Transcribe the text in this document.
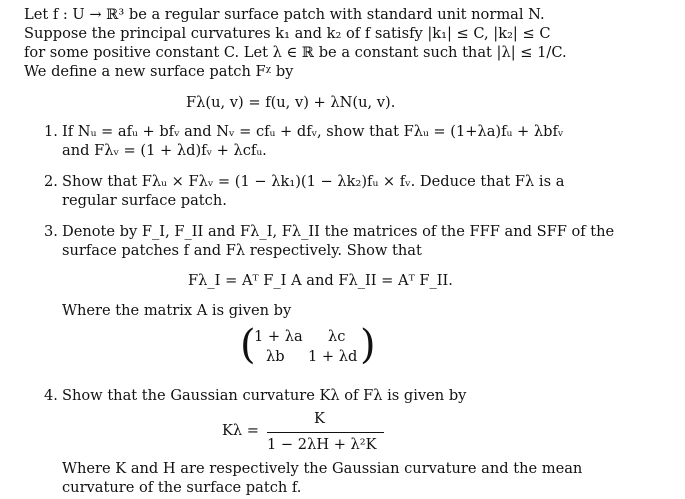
Let f : U → ℝ³ be a regular surface patch with standard unit normal N.
Suppose the principal curvatures k₁ and k₂ of f satisfy |k₁| ≤ C, |k₂| ≤ C
for some positive constant C. Let λ ∈ ℝ be a constant such that |λ| ≤ 1/C.
We define a new surface patch Fᵡ by
Fλ(u, v) = f(u, v) + λN(u, v).
1. If Nᵤ = afᵤ + bfᵥ and Nᵥ = cfᵤ + dfᵥ, show that Fλᵤ = (1+λa)fᵤ + λbfᵥ
and Fλᵥ = (1 + λd)fᵥ + λcfᵤ.
2. Show that Fλᵤ × Fλᵥ = (1 − λk₁)(1 − λk₂)fᵤ × fᵥ. Deduce that Fλ is a
regular surface patch.
3. Denote by F_I, F_II and Fλ_I, Fλ_II the matrices of the FFF and SFF of the
surface patches f and Fλ respectively. Show that
Fλ_I = Aᵀ F_I A and Fλ_II = Aᵀ F_II.
Where the matrix A is given by
(
1 + λa λc
λb 1 + λd )
4. Show that the Gaussian curvature Kλ of Fλ is given by
Kλ =
K
1 − 2λH + λ²K
Where K and H are respectively the Gaussian curvature and the mean
curvature of the surface patch f.
